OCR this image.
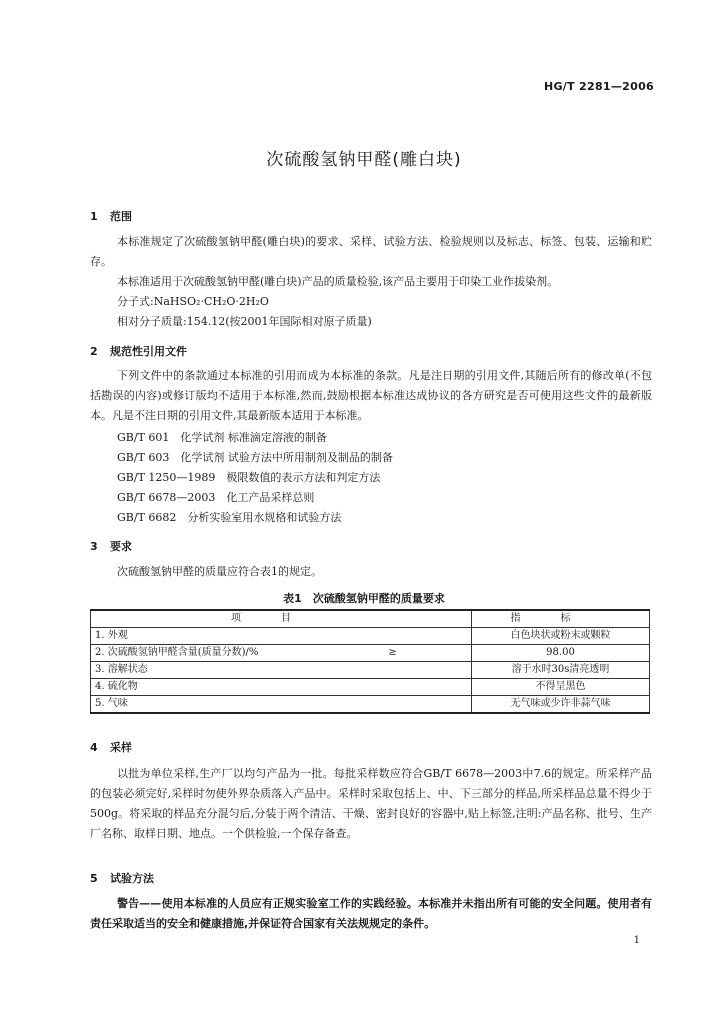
HG/T 2281—2006
次硫酸氢钠甲醛(雕白块)
1 范围
本标准规定了次硫酸氢钠甲醛(雕白块)的要求、采样、试验方法、检验规则以及标志、标签、包装、运输和贮存。
本标准适用于次硫酸氢钠甲醛(雕白块)产品的质量检验,该产品主要用于印染工业作拔染剂。
分子式:NaHSO₂·CH₂O·2H₂O
相对分子质量:154.12(按2001年国际相对原子质量)
2 规范性引用文件
下列文件中的条款通过本标准的引用而成为本标准的条款。凡是注日期的引用文件,其随后所有的修改单(不包括勘误的内容)或修订版均不适用于本标准,然而,鼓励根据本标准达成协议的各方研究是否可使用这些文件的最新版本。凡是不注日期的引用文件,其最新版本适用于本标准。
GB/T 601　化学试剂 标准滴定溶液的制备
GB/T 603　化学试剂 试验方法中所用制剂及制品的制备
GB/T 1250—1989　极限数值的表示方法和判定方法
GB/T 6678—2003　化工产品采样总则
GB/T 6682　分析实验室用水规格和试验方法
3 要求
次硫酸氢钠甲醛的质量应符合表1的规定。
表1　次硫酸氢钠甲醛的质量要求
项目	指标
1. 外观	白色块状或粉末或颗粒
2. 次硫酸氢钠甲醛含量(质量分数)/%　　　　　　　　　　　　　≥	98.00
3. 溶解状态	溶于水时30s清亮透明
4. 硫化物	不得呈黑色
5. 气味	无气味或少许非蒜气味
4 采样
以批为单位采样,生产厂以均匀产品为一批。每批采样数应符合GB/T 6678—2003中7.6的规定。所采样产品的包装必须完好,采样时勿使外界杂质落入产品中。采样时采取包括上、中、下三部分的样品,所采样品总量不得少于500g。将采取的样品充分混匀后,分装于两个清洁、干燥、密封良好的容器中,贴上标签,注明:产品名称、批号、生产厂名称、取样日期、地点。一个供检验,一个保存备查。
5 试验方法
警告——使用本标准的人员应有正规实验室工作的实践经验。本标准并未指出所有可能的安全问题。使用者有责任采取适当的安全和健康措施,并保证符合国家有关法规规定的条件。
1
